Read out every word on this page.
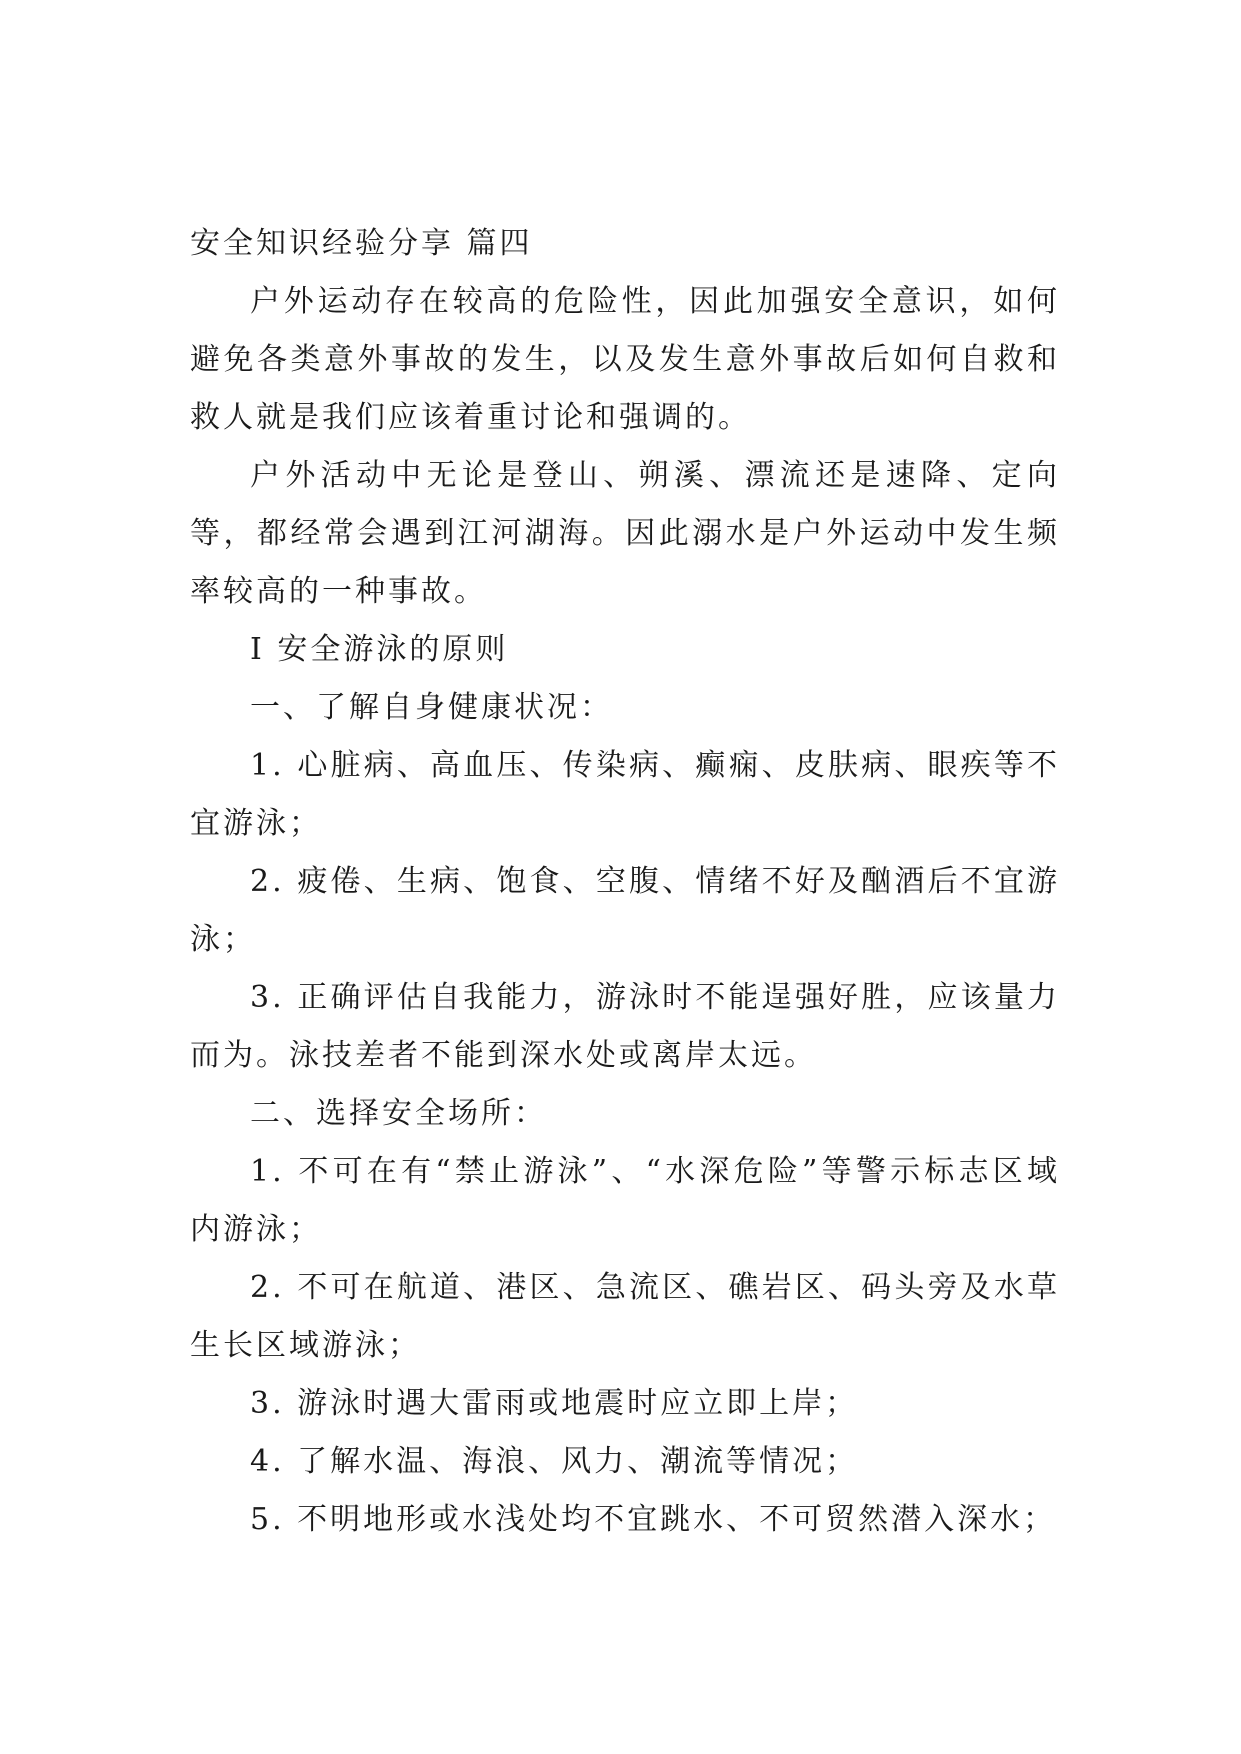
安全知识经验分享 篇四

户外运动存在较高的危险性，因此加强安全意识，如何避免各类意外事故的发生，以及发生意外事故后如何自救和救人就是我们应该着重讨论和强调的。

户外活动中无论是登山、朔溪、漂流还是速降、定向等，都经常会遇到江河湖海。因此溺水是户外运动中发生频率较高的一种事故。

I 安全游泳的原则

一、了解自身健康状况：

1. 心脏病、高血压、传染病、癫痫、皮肤病、眼疾等不宜游泳；

2. 疲倦、生病、饱食、空腹、情绪不好及酗酒后不宜游泳；

3. 正确评估自我能力，游泳时不能逞强好胜，应该量力而为。泳技差者不能到深水处或离岸太远。

二、选择安全场所：

1. 不可在有“禁止游泳”、“水深危险”等警示标志区域内游泳；

2. 不可在航道、港区、急流区、礁岩区、码头旁及水草生长区域游泳；

3. 游泳时遇大雷雨或地震时应立即上岸；

4. 了解水温、海浪、风力、潮流等情况；

5. 不明地形或水浅处均不宜跳水、不可贸然潜入深水；
